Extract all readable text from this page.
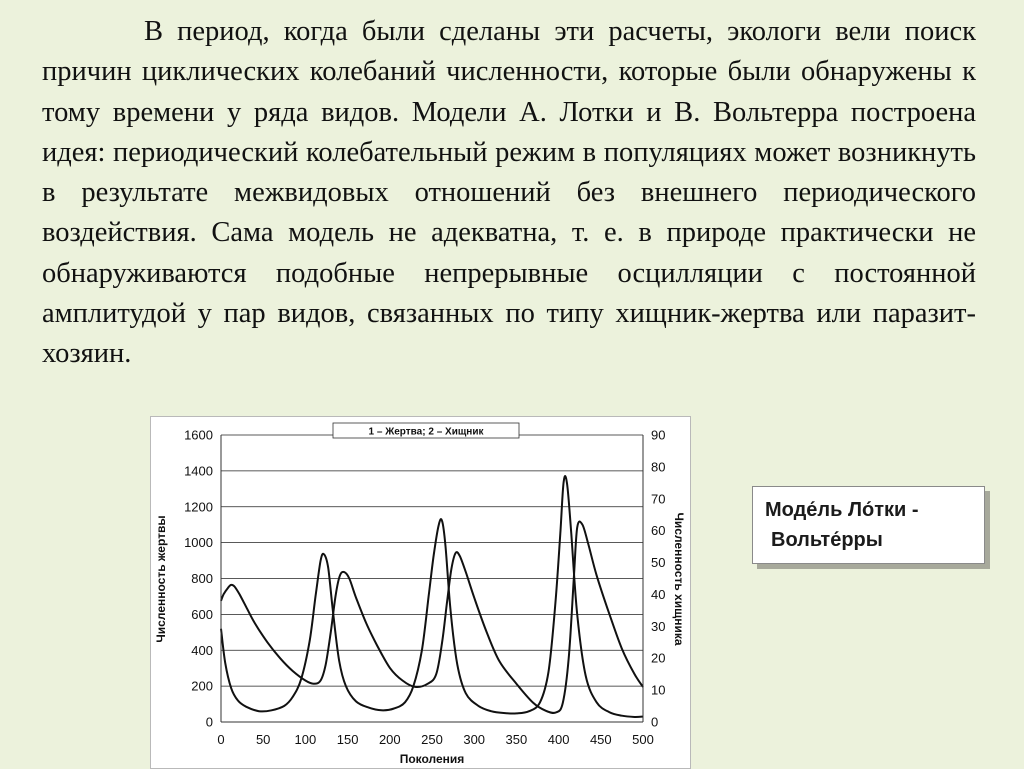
В период, когда были сделаны эти расчеты, экологи вели поиск причин циклических колебаний численности, которые были обнаружены к тому времени у ряда видов. Модели А. Лотки и В. Вольтерра построена идея: периодический колебательный режим в популяциях может возникнуть в результате межвидовых отношений без внешнего периодического воздействия. Сама модель не адекватна, т. е. в природе практически не обнаруживаются подобные непрерывные осцилляции с постоянной амплитудой у пар видов, связанных по типу хищник-жертва или паразит-хозяин.

0 50 100 150 200 250 300 350 400 450 500
0
200
400
600
800
1000
1200
1400
1600
0
10
20
30
40
50
60
70
80
90
1 – Жертва; 2 – Хищник
Поколения
Численность жертвы	Численность хищника
Моде́ль Ло́тки -
Вольте́рры
